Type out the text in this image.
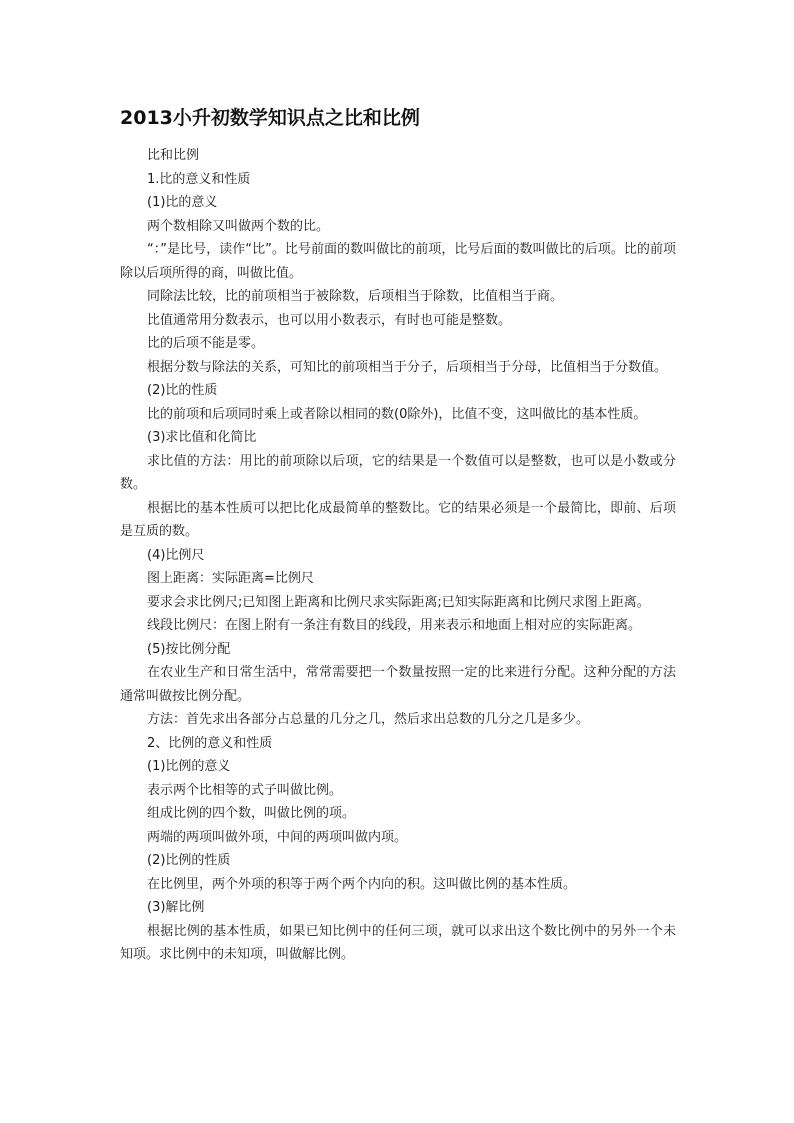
2013小升初数学知识点之比和比例

比和比例

1.比的意义和性质

(1)比的意义

两个数相除又叫做两个数的比。

“：”是比号，读作“比”。比号前面的数叫做比的前项，比号后面的数叫做比的后项。比的前项除以后项所得的商，叫做比值。

同除法比较，比的前项相当于被除数，后项相当于除数，比值相当于商。

比值通常用分数表示，也可以用小数表示，有时也可能是整数。

比的后项不能是零。

根据分数与除法的关系，可知比的前项相当于分子，后项相当于分母，比值相当于分数值。

(2)比的性质

比的前项和后项同时乘上或者除以相同的数(0除外)，比值不变，这叫做比的基本性质。

(3)求比值和化简比

求比值的方法：用比的前项除以后项，它的结果是一个数值可以是整数，也可以是小数或分数。

根据比的基本性质可以把比化成最简单的整数比。它的结果必须是一个最简比，即前、后项是互质的数。

(4)比例尺

图上距离：实际距离=比例尺

要求会求比例尺;已知图上距离和比例尺求实际距离;已知实际距离和比例尺求图上距离。

线段比例尺：在图上附有一条注有数目的线段，用来表示和地面上相对应的实际距离。

(5)按比例分配

在农业生产和日常生活中，常常需要把一个数量按照一定的比来进行分配。这种分配的方法通常叫做按比例分配。

方法：首先求出各部分占总量的几分之几，然后求出总数的几分之几是多少。

2、比例的意义和性质

(1)比例的意义

表示两个比相等的式子叫做比例。

组成比例的四个数，叫做比例的项。

两端的两项叫做外项，中间的两项叫做内项。

(2)比例的性质

在比例里，两个外项的积等于两个两个内向的积。这叫做比例的基本性质。

(3)解比例

根据比例的基本性质，如果已知比例中的任何三项，就可以求出这个数比例中的另外一个未知项。求比例中的未知项，叫做解比例。
